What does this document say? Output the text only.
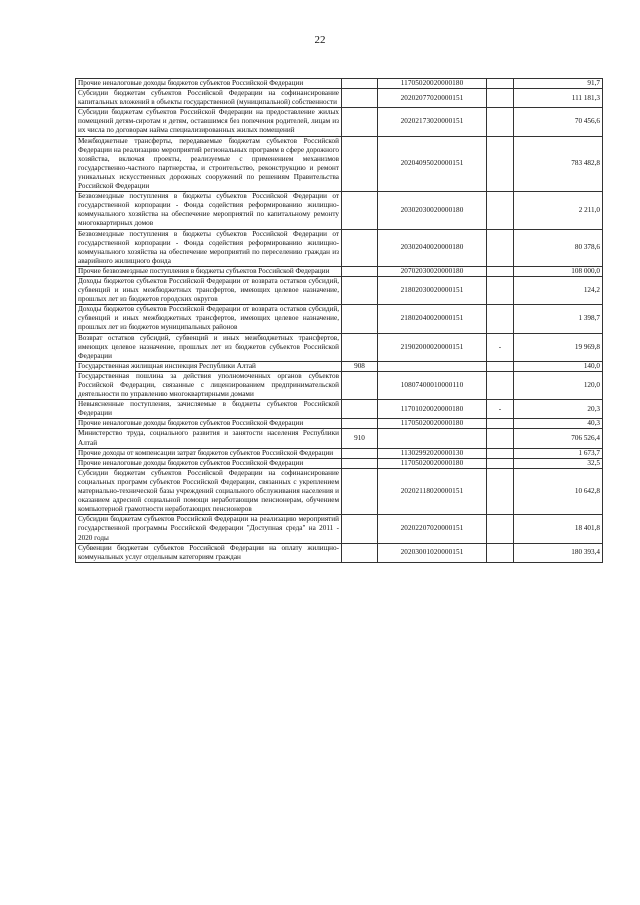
22
Прочие неналоговые доходы бюджетов субъектов Российской Федерации		11705020020000180		91,7
Субсидии бюджетам субъектов Российской Федерации на софинансирование капитальных вложений в объекты государственной (муниципальной) собственности		20202077020000151		111 181,3
Субсидии бюджетам субъектов Российской Федерации на предоставление жилых помещений детям-сиротам и детям, оставшимся без попечения родителей, лицам из их числа по договорам найма специализированных жилых помещений		20202173020000151		70 456,6
Межбюджетные трансферты, передаваемые бюджетам субъектов Российской Федерации на реализацию мероприятий региональных программ в сфере дорожного хозяйства, включая проекты, реализуемые с применением механизмов государственно-частного партнерства, и строительство, реконструкцию и ремонт уникальных искусственных дорожных сооружений по решениям Правительства Российской Федерации		20204095020000151		783 482,8
Безвозмездные поступления в бюджеты субъектов Российской Федерации от государственной корпорации - Фонда содействия реформированию жилищно-коммунального хозяйства на обеспечение мероприятий по капитальному ремонту многоквартирных домов		20302030020000180		2 211,0
Безвозмездные поступления в бюджеты субъектов Российской Федерации от государственной корпорации - Фонда содействия реформированию жилищно-коммунального хозяйства на обеспечение мероприятий по переселению граждан из аварийного жилищного фонда		20302040020000180		80 378,6
Прочие безвозмездные поступления в бюджеты субъектов Российской Федерации		20702030020000180		108 000,0
Доходы бюджетов субъектов Российской Федерации от возврата остатков субсидий, субвенций и иных межбюджетных трансфертов, имеющих целевое назначение, прошлых лет из бюджетов городских округов		21802030020000151		124,2
Доходы бюджетов субъектов Российской Федерации от возврата остатков субсидий, субвенций и иных межбюджетных трансфертов, имеющих целевое назначение, прошлых лет из бюджетов муниципальных районов		21802040020000151		1 398,7
Возврат остатков субсидий, субвенций и иных межбюджетных трансфертов, имеющих целевое назначение, прошлых лет из бюджетов субъектов Российской Федерации		21902000020000151	-	19 969,8
Государственная жилищная инспекция Республики Алтай	908			140,0
Государственная пошлина за действия уполномоченных органов субъектов Российской Федерации, связанные с лицензированием предпринимательской деятельности по управлению многоквартирными домами		10807400010000110		120,0
Невыясненные поступления, зачисляемые в бюджеты субъектов Российской Федерации		11701020020000180	-	20,3
Прочие неналоговые доходы бюджетов субъектов Российской Федерации		11705020020000180		40,3
Министерство труда, социального развития и занятости населения Республики Алтай	910			706 526,4
Прочие доходы от компенсации затрат бюджетов субъектов Российской Федерации		11302992020000130		1 673,7
Прочие неналоговые доходы бюджетов субъектов Российской Федерации		11705020020000180		32,5
Субсидии бюджетам субъектов Российской Федерации на софинансирование социальных программ субъектов Российской Федерации, связанных с укреплением материально-технической базы учреждений социального обслуживания населения и оказанием адресной социальной помощи неработающим пенсионерам, обучением компьютерной грамотности неработающих пенсионеров		20202118020000151		10 642,8
Субсидии бюджетам субъектов Российской Федерации на реализацию мероприятий государственной программы Российской Федерации "Доступная среда" на 2011 - 2020 годы		20202207020000151		18 401,8
Субвенции бюджетам субъектов Российской Федерации на оплату жилищно-коммунальных услуг отдельным категориям граждан		20203001020000151		180 393,4
